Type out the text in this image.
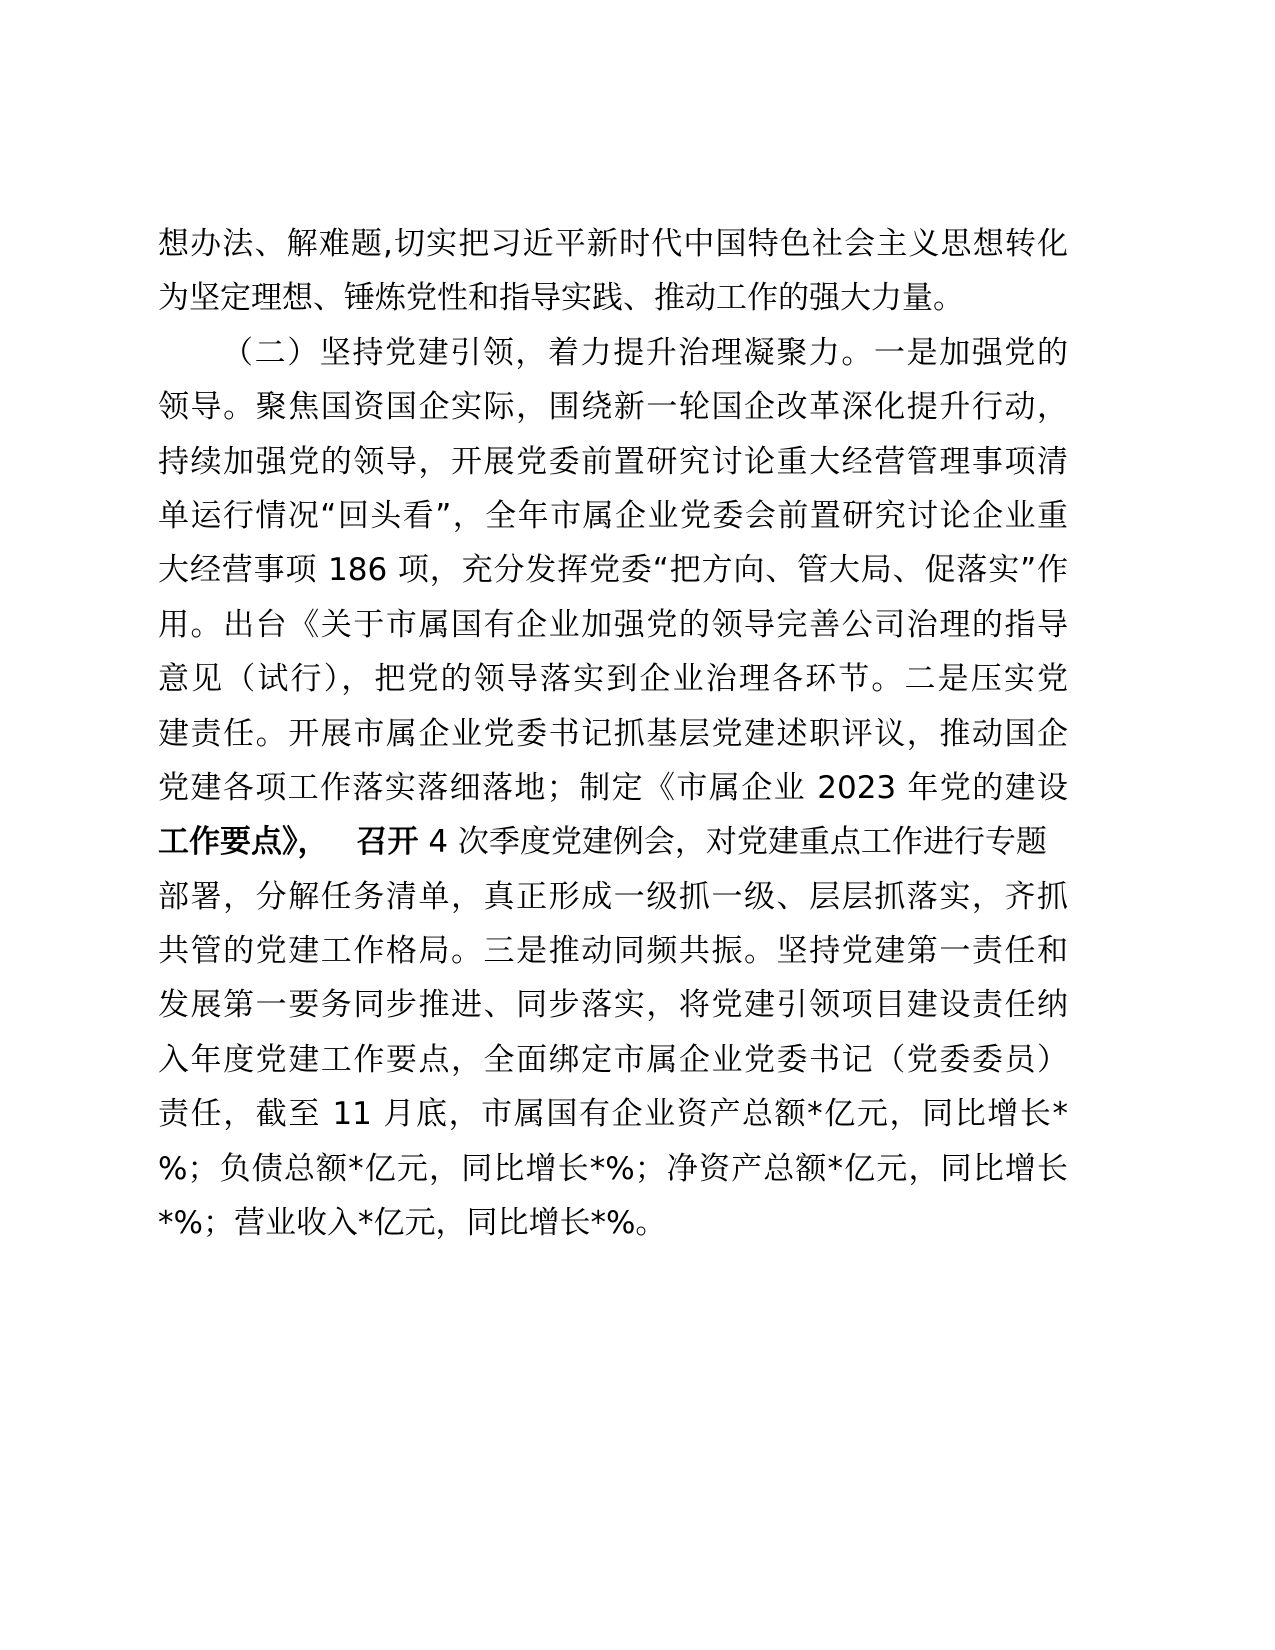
想办法、解难题,切实把习近平新时代中国特色社会主义思想转化
为坚定理想、锤炼党性和指导实践、推动工作的强大力量。
（二）坚持党建引领，着力提升治理凝聚力。一是加强党的
领导。聚焦国资国企实际，围绕新一轮国企改革深化提升行动，
持续加强党的领导，开展党委前置研究讨论重大经营管理事项清
单运行情况“回头看”，全年市属企业党委会前置研究讨论企业重
大经营事项 186 项，充分发挥党委“把方向、管大局、促落实”作
用。出台《关于市属国有企业加强党的领导完善公司治理的指导
意见（试行），把党的领导落实到企业治理各环节。二是压实党
建责任。开展市属企业党委书记抓基层党建述职评议，推动国企
党建各项工作落实落细落地；制定《市属企业 2023 年党的建设
工作要点》， 召开 4 次季度党建例会，对党建重点工作进行专题
部署，分解任务清单，真正形成一级抓一级、层层抓落实，齐抓
共管的党建工作格局。三是推动同频共振。坚持党建第一责任和
发展第一要务同步推进、同步落实，将党建引领项目建设责任纳
入年度党建工作要点，全面绑定市属企业党委书记（党委委员）
责任，截至 11 月底，市属国有企业资产总额*亿元，同比增长*
%；负债总额*亿元，同比增长*%；净资产总额*亿元，同比增长
*%；营业收入*亿元，同比增长*%。
